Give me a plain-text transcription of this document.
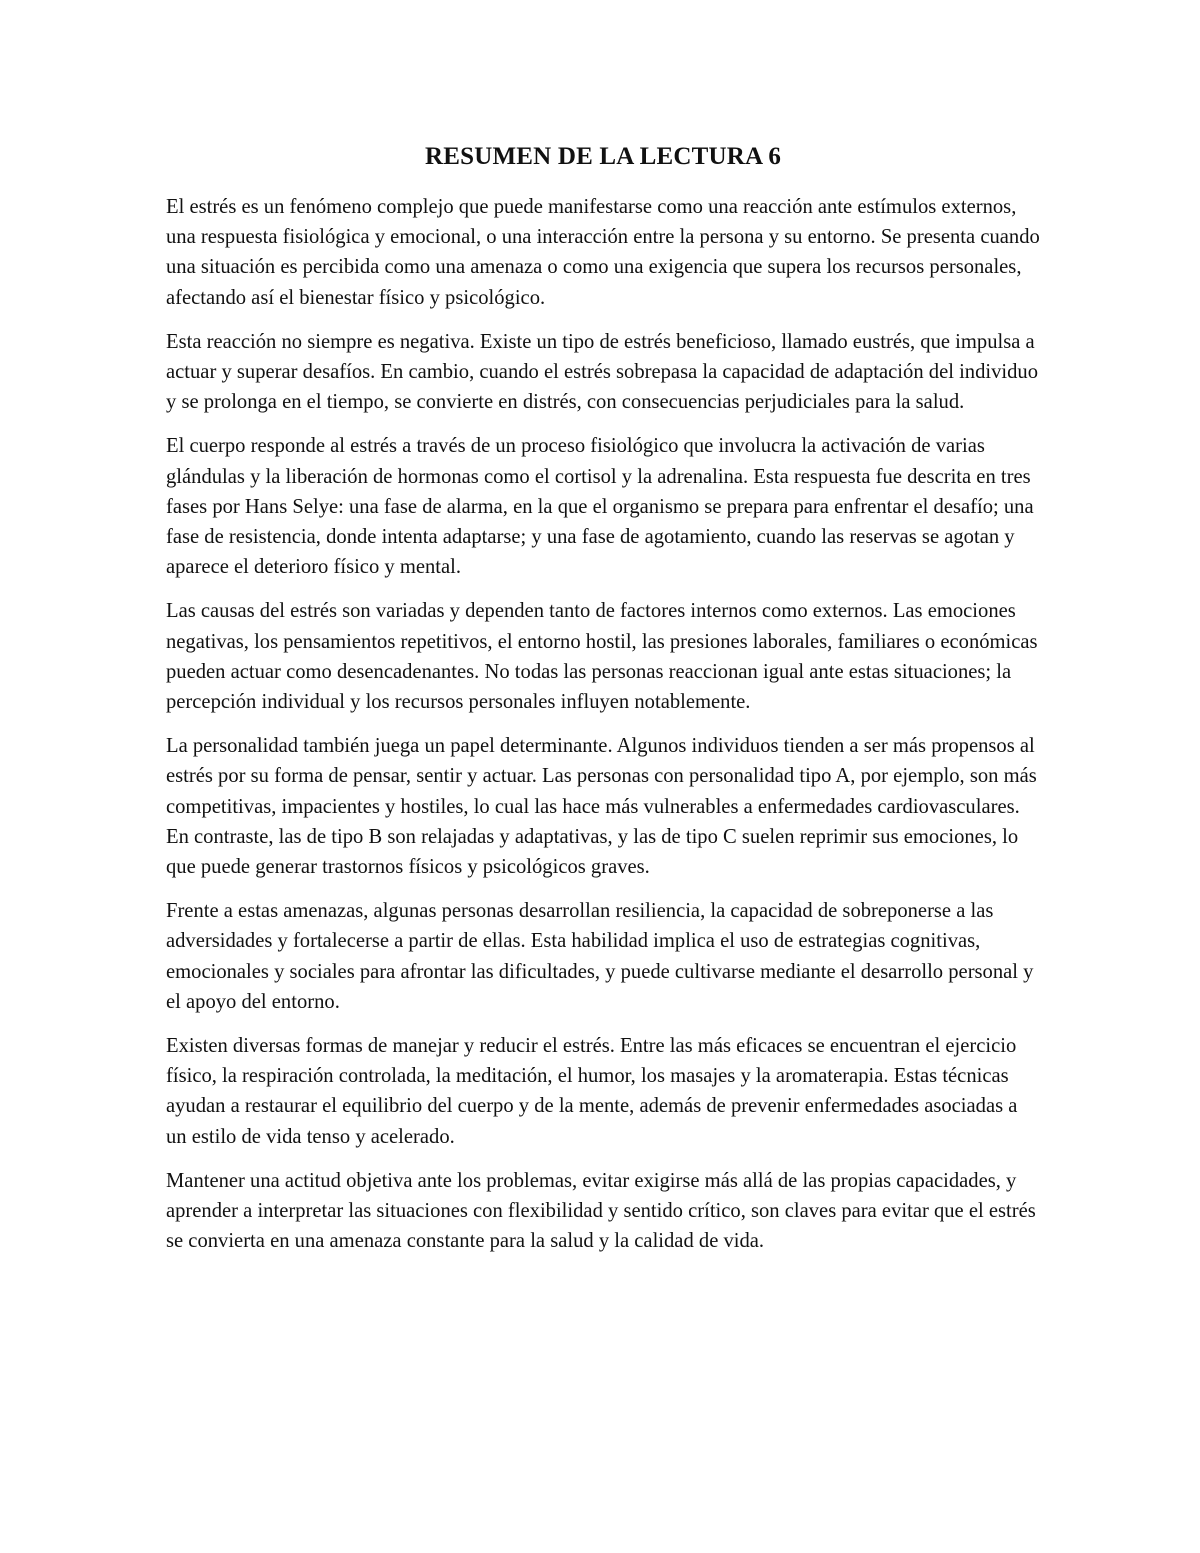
RESUMEN DE LA LECTURA 6

El estrés es un fenómeno complejo que puede manifestarse como una reacción ante estímulos externos, una respuesta fisiológica y emocional, o una interacción entre la persona y su entorno. Se presenta cuando una situación es percibida como una amenaza o como una exigencia que supera los recursos personales, afectando así el bienestar físico y psicológico.

Esta reacción no siempre es negativa. Existe un tipo de estrés beneficioso, llamado eustrés, que impulsa a actuar y superar desafíos. En cambio, cuando el estrés sobrepasa la capacidad de adaptación del individuo y se prolonga en el tiempo, se convierte en distrés, con consecuencias perjudiciales para la salud.

El cuerpo responde al estrés a través de un proceso fisiológico que involucra la activación de varias glándulas y la liberación de hormonas como el cortisol y la adrenalina. Esta respuesta fue descrita en tres fases por Hans Selye: una fase de alarma, en la que el organismo se prepara para enfrentar el desafío; una fase de resistencia, donde intenta adaptarse; y una fase de agotamiento, cuando las reservas se agotan y aparece el deterioro físico y mental.

Las causas del estrés son variadas y dependen tanto de factores internos como externos. Las emociones negativas, los pensamientos repetitivos, el entorno hostil, las presiones laborales, familiares o económicas pueden actuar como desencadenantes. No todas las personas reaccionan igual ante estas situaciones; la percepción individual y los recursos personales influyen notablemente.

La personalidad también juega un papel determinante. Algunos individuos tienden a ser más propensos al estrés por su forma de pensar, sentir y actuar. Las personas con personalidad tipo A, por ejemplo, son más competitivas, impacientes y hostiles, lo cual las hace más vulnerables a enfermedades cardiovasculares. En contraste, las de tipo B son relajadas y adaptativas, y las de tipo C suelen reprimir sus emociones, lo que puede generar trastornos físicos y psicológicos graves.

Frente a estas amenazas, algunas personas desarrollan resiliencia, la capacidad de sobreponerse a las adversidades y fortalecerse a partir de ellas. Esta habilidad implica el uso de estrategias cognitivas, emocionales y sociales para afrontar las dificultades, y puede cultivarse mediante el desarrollo personal y el apoyo del entorno.

Existen diversas formas de manejar y reducir el estrés. Entre las más eficaces se encuentran el ejercicio físico, la respiración controlada, la meditación, el humor, los masajes y la aromaterapia. Estas técnicas ayudan a restaurar el equilibrio del cuerpo y de la mente, además de prevenir enfermedades asociadas a un estilo de vida tenso y acelerado.

Mantener una actitud objetiva ante los problemas, evitar exigirse más allá de las propias capacidades, y aprender a interpretar las situaciones con flexibilidad y sentido crítico, son claves para evitar que el estrés se convierta en una amenaza constante para la salud y la calidad de vida.
